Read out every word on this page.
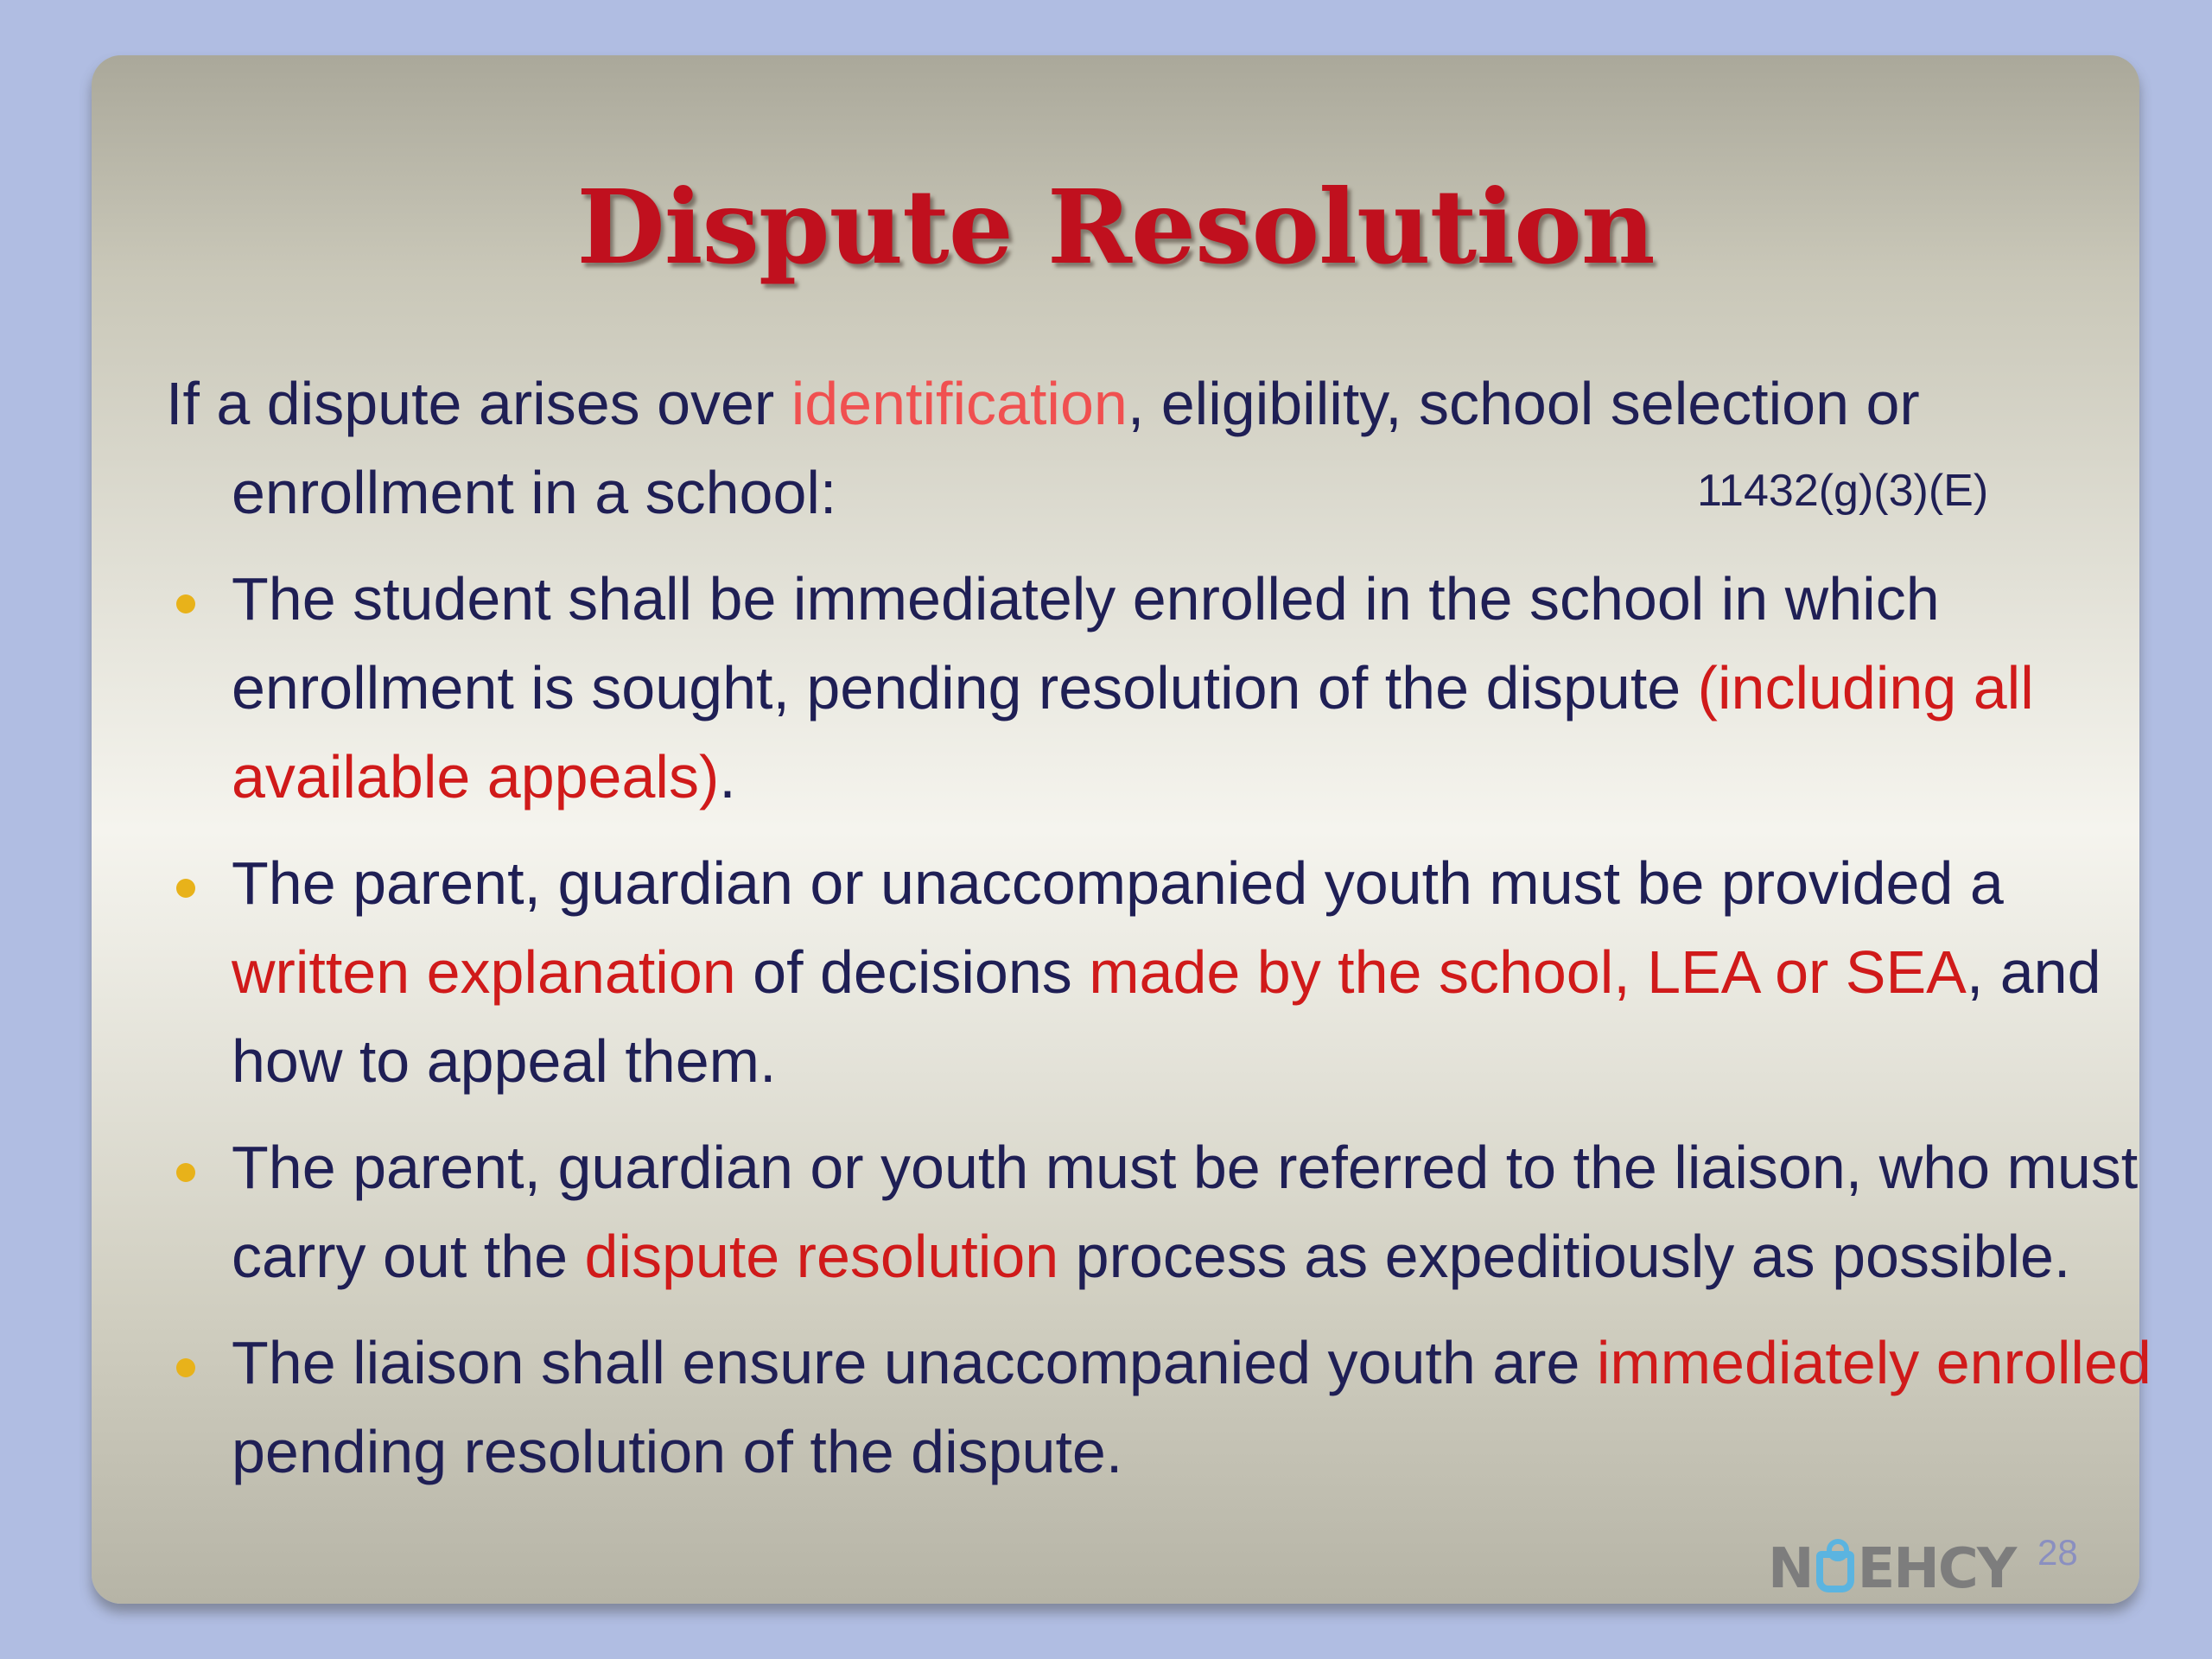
Dispute Resolution

If a dispute arises over identification, eligibility, school selection or enrollment in a school:	11432(g)(3)(E)

The student shall be immediately enrolled in the school in which enrollment is sought, pending resolution of the dispute (including all available appeals).
The parent, guardian or unaccompanied youth must be provided a written explanation of decisions made by the school, LEA or SEA, and how to appeal them.
The parent, guardian or youth must be referred to the liaison, who must carry out the dispute resolution process as expeditiously as possible.
The liaison shall ensure unaccompanied youth are immediately enrolled pending resolution of the dispute.
N EHCY 28
